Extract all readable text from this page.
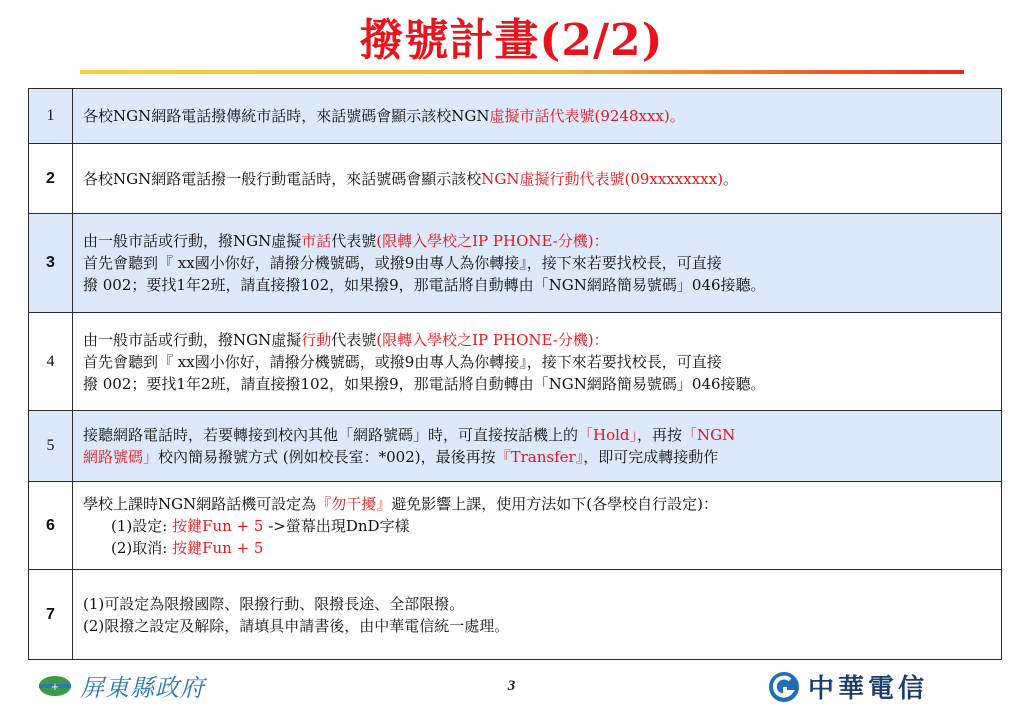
撥號計畫(2/2)
1	各校NGN網路電話撥傳統市話時，來話號碼會顯示該校NGN虛擬市話代表號(9248xxx)。

2	各校NGN網路電話撥一般行動電話時，來話號碼會顯示該校NGN虛擬行動代表號(09xxxxxxxx)。

3	由一般市話或行動，撥NGN虛擬市話代表號(限轉入學校之IP PHONE-分機)：
首先會聽到『 xx國小你好，請撥分機號碼，或撥9由專人為你轉接』，接下來若要找校長，可直接
撥 002；要找1年2班，請直接撥102，如果撥9，那電話將自動轉由「NGN網路簡易號碼」046接聽。

4	由一般市話或行動，撥NGN虛擬行動代表號(限轉入學校之IP PHONE-分機)：
首先會聽到『 xx國小你好，請撥分機號碼，或撥9由專人為你轉接』，接下來若要找校長，可直接
撥 002；要找1年2班，請直接撥102，如果撥9，那電話將自動轉由「NGN網路簡易號碼」046接聽。

5	接聽網路電話時，若要轉接到校內其他「網路號碼」時，可直接按話機上的「Hold」，再按「NGN
網路號碼」校內簡易撥號方式 (例如校長室：*002)，最後再按『Transfer』，即可完成轉接動作

6	學校上課時NGN網路話機可設定為『勿干擾』避免影響上課，使用方法如下(各學校自行設定)：
(1)設定: 按鍵Fun + 5 ->螢幕出現DnD字樣
(2)取消: 按鍵Fun + 5

7	(1)可設定為限撥國際、限撥行動、限撥長途、全部限撥。
(2)限撥之設定及解除，請填具申請書後，由中華電信統一處理。
+ 屏東縣政府	3	中華電信
